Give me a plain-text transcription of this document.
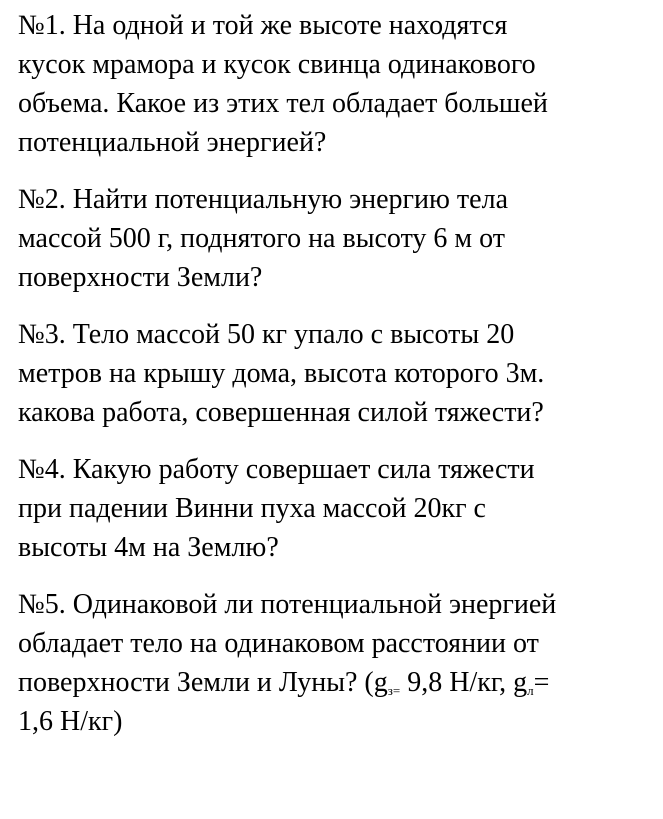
№1. На одной и той же высоте находятся
кусок мрамора и кусок свинца одинакового
объема. Какое из этих тел обладает большей
потенциальной энергией?
№2. Найти потенциальную энергию тела
массой 500 г, поднятого на высоту 6 м от
поверхности Земли?
№3. Тело массой 50 кг упало с высоты 20
метров на крышу дома, высота которого 3м.
какова работа, совершенная силой тяжести?
№4. Какую работу совершает сила тяжести
при падении Винни пуха массой 20кг с
высоты 4м на Землю?
№5. Одинаковой ли потенциальной энергией
обладает тело на одинаковом расстоянии от
поверхности Земли и Луны? ($g_{з=}$ 9,8 Н/кг, $g_л=$
1,6 Н/кг)
